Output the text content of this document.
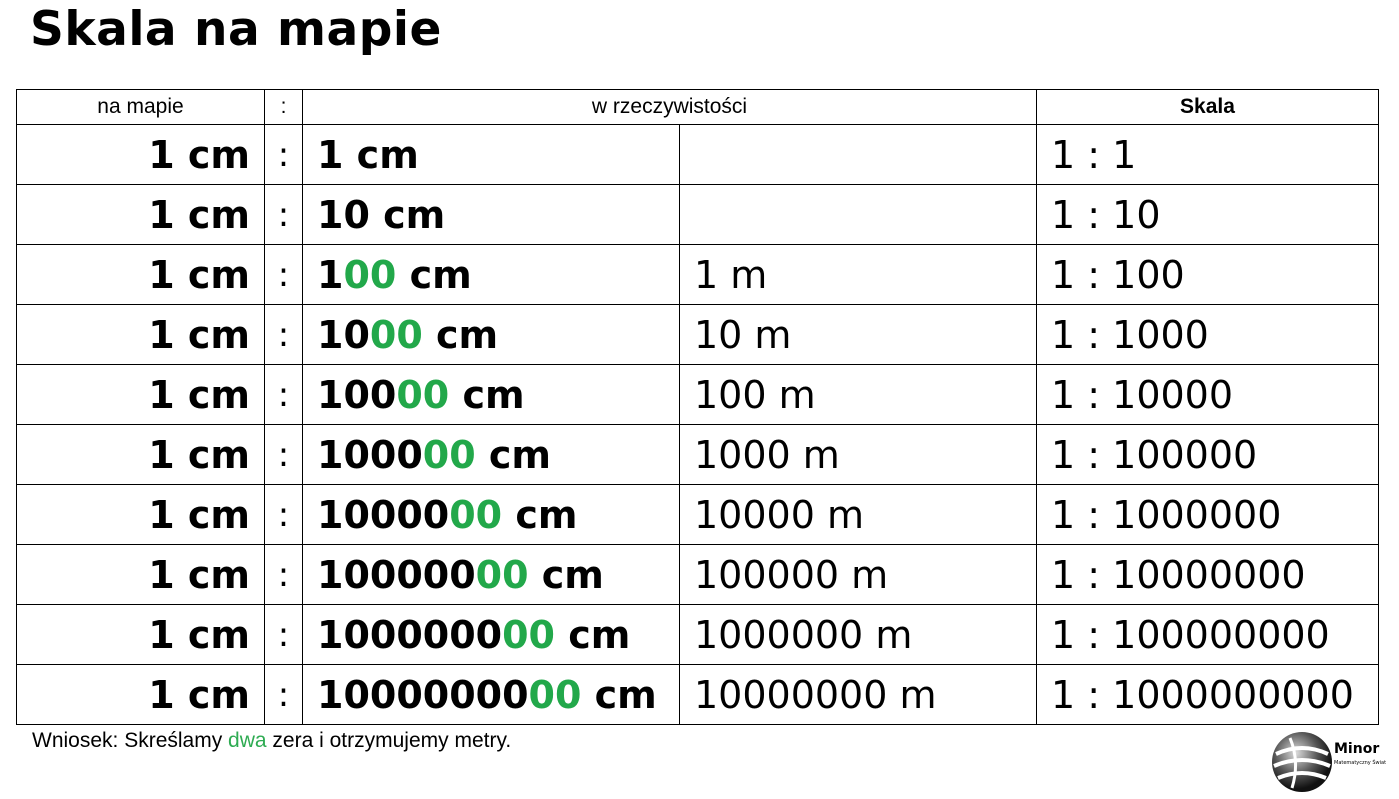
Skala na mapie
na mapie	:	w rzeczywistości		Skala
1 cm	:	1 cm		1 : 1
1 cm	:	10 cm		1 : 10
1 cm	:	100 cm	1 m	1 : 100
1 cm	:	1000 cm	10 m	1 : 1000
1 cm	:	10000 cm	100 m	1 : 10000
1 cm	:	100000 cm	1000 m	1 : 100000
1 cm	:	1000000 cm	10000 m	1 : 1000000
1 cm	:	10000000 cm	100000 m	1 : 10000000
1 cm	:	100000000 cm	1000000 m	1 : 100000000
1 cm	:	1000000000 cm	10000000 m	1 : 1000000000
Wniosek: Skreślamy dwa zera i otrzymujemy metry.	Minor
Matematyczny Świat
